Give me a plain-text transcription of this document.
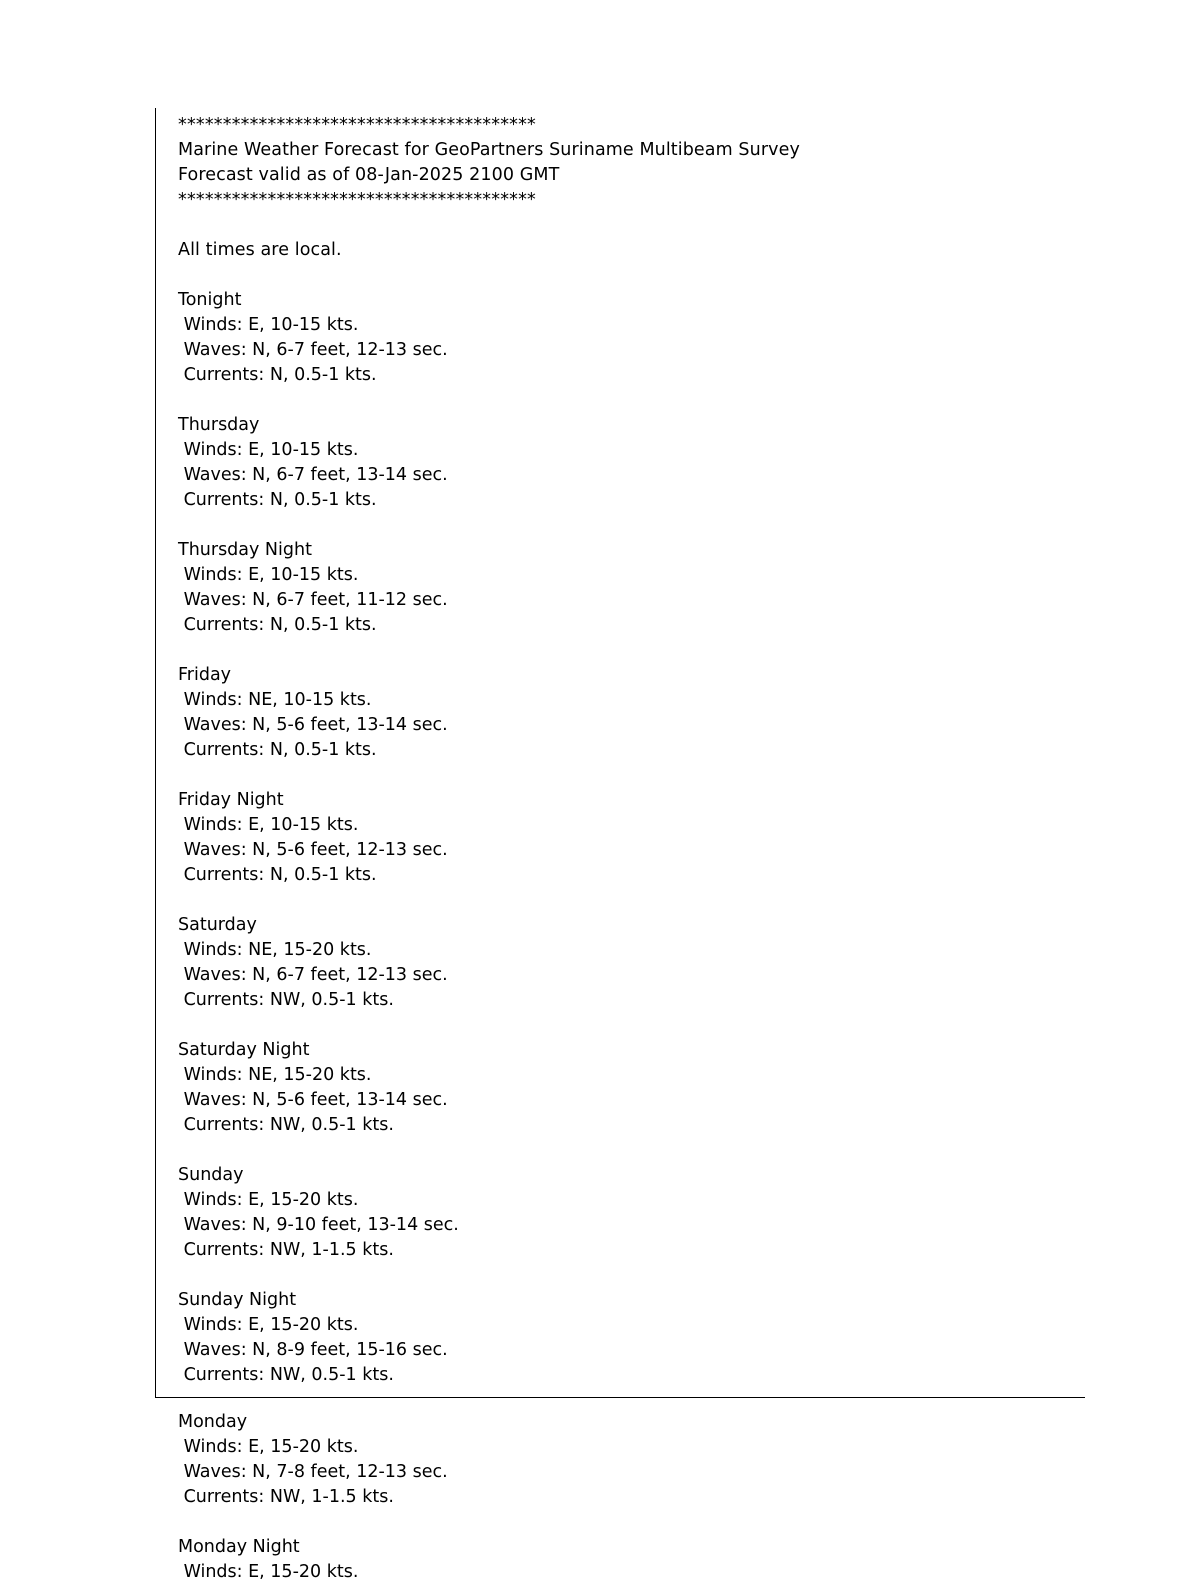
****************************************
Marine Weather Forecast for GeoPartners Suriname Multibeam Survey
Forecast valid as of 08-Jan-2025 2100 GMT
****************************************
All times are local.
Tonight
Winds: E, 10-15 kts.
Waves: N, 6-7 feet, 12-13 sec.
Currents: N, 0.5-1 kts.
Thursday
Winds: E, 10-15 kts.
Waves: N, 6-7 feet, 13-14 sec.
Currents: N, 0.5-1 kts.
Thursday Night
Winds: E, 10-15 kts.
Waves: N, 6-7 feet, 11-12 sec.
Currents: N, 0.5-1 kts.
Friday
Winds: NE, 10-15 kts.
Waves: N, 5-6 feet, 13-14 sec.
Currents: N, 0.5-1 kts.
Friday Night
Winds: E, 10-15 kts.
Waves: N, 5-6 feet, 12-13 sec.
Currents: N, 0.5-1 kts.
Saturday
Winds: NE, 15-20 kts.
Waves: N, 6-7 feet, 12-13 sec.
Currents: NW, 0.5-1 kts.
Saturday Night
Winds: NE, 15-20 kts.
Waves: N, 5-6 feet, 13-14 sec.
Currents: NW, 0.5-1 kts.
Sunday
Winds: E, 15-20 kts.
Waves: N, 9-10 feet, 13-14 sec.
Currents: NW, 1-1.5 kts.
Sunday Night
Winds: E, 15-20 kts.
Waves: N, 8-9 feet, 15-16 sec.
Currents: NW, 0.5-1 kts.
Monday
Winds: E, 15-20 kts.
Waves: N, 7-8 feet, 12-13 sec.
Currents: NW, 1-1.5 kts.
Monday Night
Winds: E, 15-20 kts.
